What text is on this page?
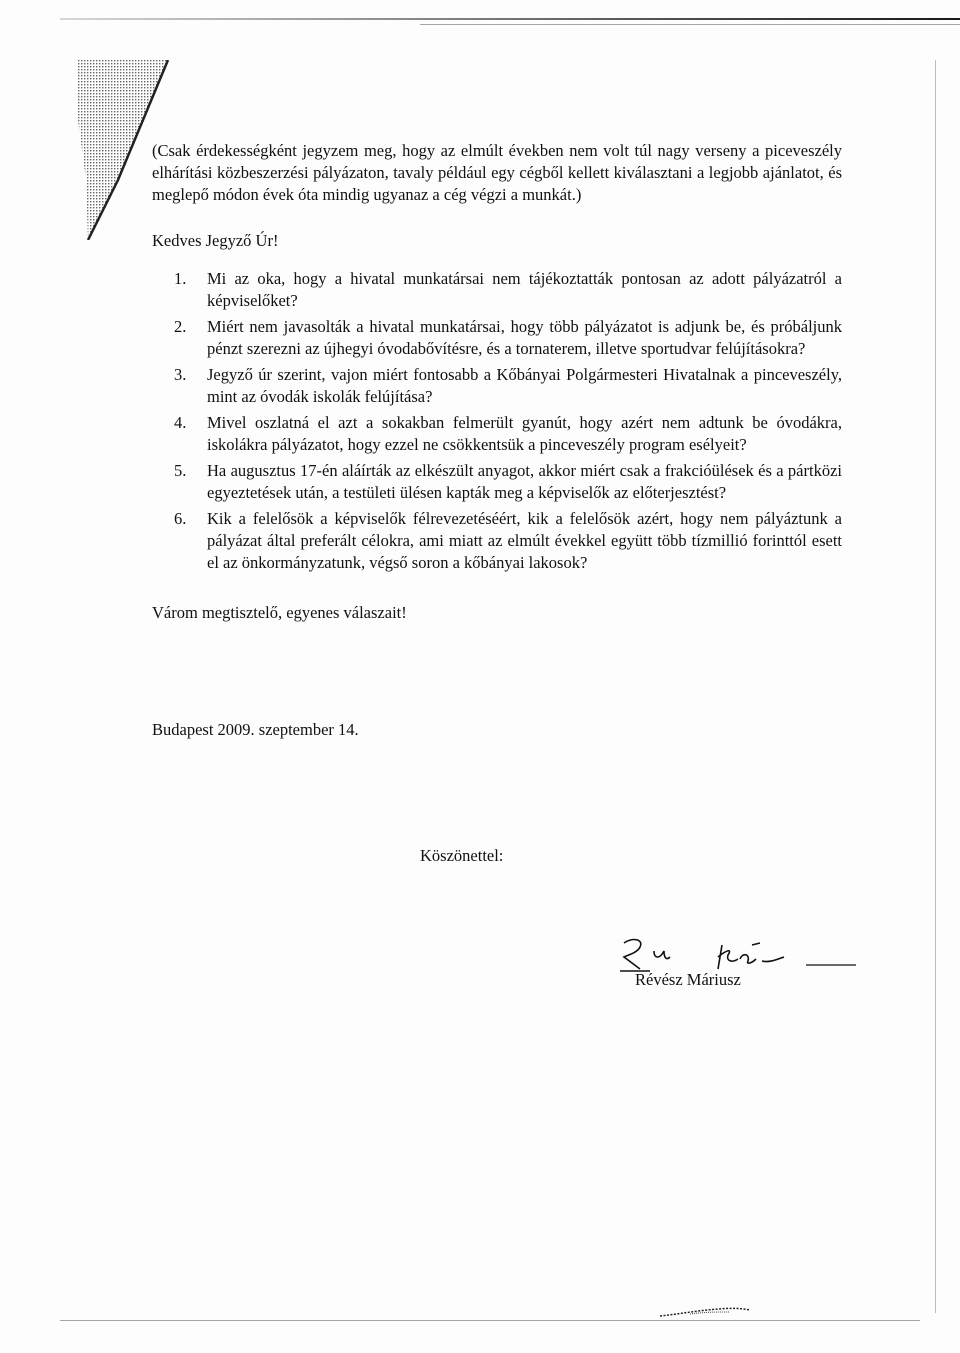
(Csak érdekességként jegyzem meg, hogy az elmúlt években nem volt túl nagy verseny a piceveszély elhárítási közbeszerzési pályázaton, tavaly például egy cégből kellett kiválasztani a legjobb ajánlatot, és meglepő módon évek óta mindig ugyanaz a cég végzi a munkát.)

Kedves Jegyző Úr!

1. Mi az oka, hogy a hivatal munkatársai nem tájékoztatták pontosan az adott pályázatról a képviselőket?
2. Miért nem javasolták a hivatal munkatársai, hogy több pályázatot is adjunk be, és próbáljunk pénzt szerezni az újhegyi óvodabővítésre, és a tornaterem, illetve sportudvar felújításokra?
3. Jegyző úr szerint, vajon miért fontosabb a Kőbányai Polgármesteri Hivatalnak a pinceveszély, mint az óvodák iskolák felújítása?
4. Mivel oszlatná el azt a sokakban felmerült gyanút, hogy azért nem adtunk be óvodákra, iskolákra pályázatot, hogy ezzel ne csökkentsük a pinceveszély program esélyeit?
5. Ha augusztus 17-én aláírták az elkészült anyagot, akkor miért csak a frakcióülések és a pártközi egyeztetések után, a testületi ülésen kapták meg a képviselők az előterjesztést?
6. Kik a felelősök a képviselők félrevezetéséért, kik a felelősök azért, hogy nem pályáztunk a pályázat által preferált célokra, ami miatt az elmúlt évekkel együtt több tízmillió forinttól esett el az önkormányzatunk, végső soron a kőbányai lakosok?

Várom megtisztelő, egyenes válaszait!

Budapest 2009. szeptember 14.
Köszönettel:
Révész Máriusz
